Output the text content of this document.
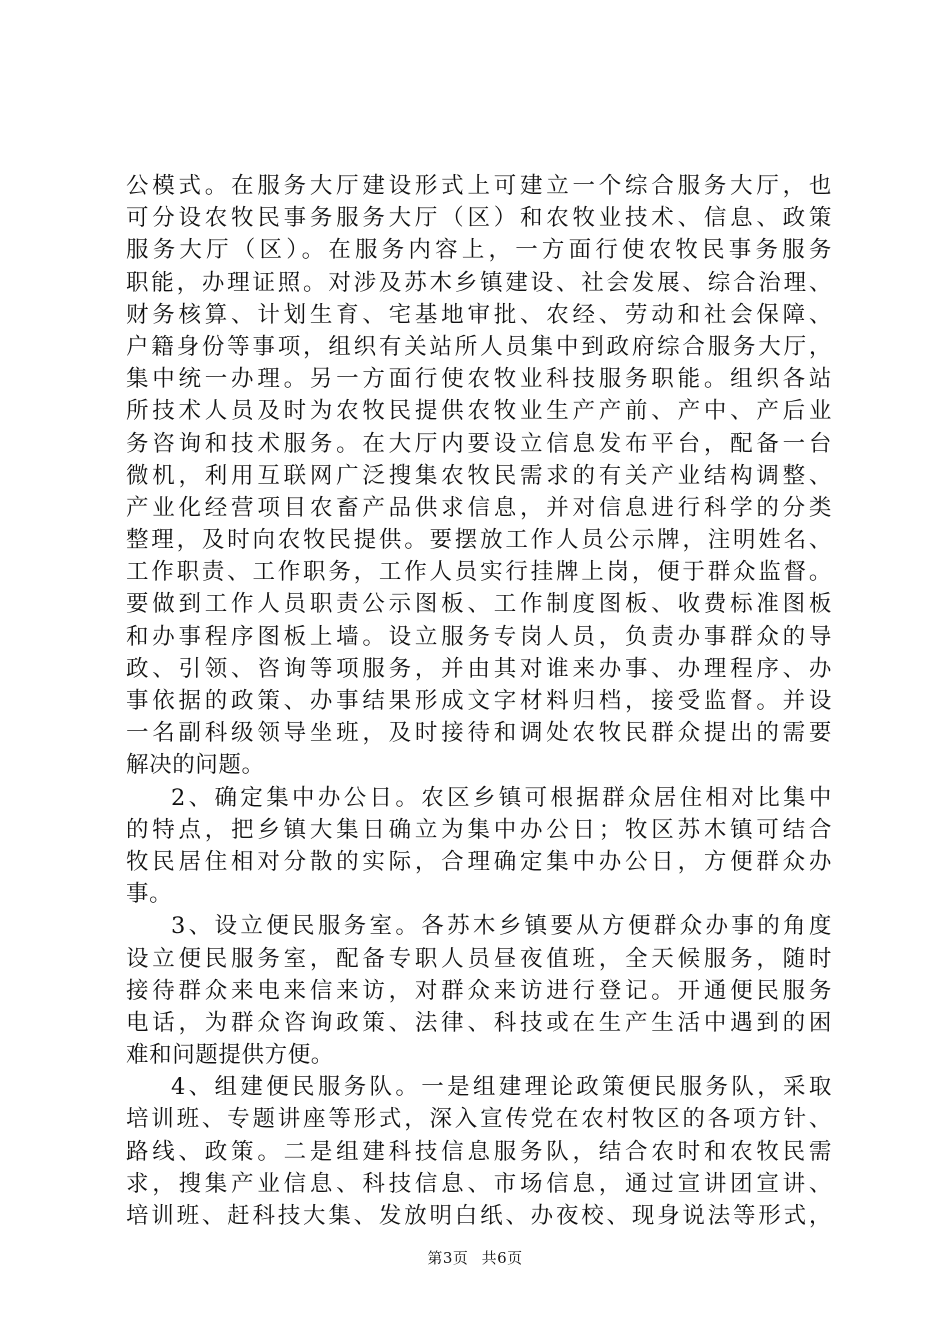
公模式。在服务大厅建设形式上可建立一个综合服务大厅，也
可分设农牧民事务服务大厅（区）和农牧业技术、信息、政策
服务大厅（区）。在服务内容上，一方面行使农牧民事务服务
职能，办理证照。对涉及苏木乡镇建设、社会发展、综合治理、
财务核算、计划生育、宅基地审批、农经、劳动和社会保障、
户籍身份等事项，组织有关站所人员集中到政府综合服务大厅，
集中统一办理。另一方面行使农牧业科技服务职能。组织各站
所技术人员及时为农牧民提供农牧业生产产前、产中、产后业
务咨询和技术服务。在大厅内要设立信息发布平台，配备一台
微机，利用互联网广泛搜集农牧民需求的有关产业结构调整、
产业化经营项目农畜产品供求信息，并对信息进行科学的分类
整理，及时向农牧民提供。要摆放工作人员公示牌，注明姓名、
工作职责、工作职务，工作人员实行挂牌上岗，便于群众监督。
要做到工作人员职责公示图板、工作制度图板、收费标准图板
和办事程序图板上墙。设立服务专岗人员，负责办事群众的导
政、引领、咨询等项服务，并由其对谁来办事、办理程序、办
事依据的政策、办事结果形成文字材料归档，接受监督。并设
一名副科级领导坐班，及时接待和调处农牧民群众提出的需要
解决的问题。
2、确定集中办公日。农区乡镇可根据群众居住相对比集中
的特点，把乡镇大集日确立为集中办公日；牧区苏木镇可结合
牧民居住相对分散的实际，合理确定集中办公日，方便群众办
事。
3、设立便民服务室。各苏木乡镇要从方便群众办事的角度
设立便民服务室，配备专职人员昼夜值班，全天候服务，随时
接待群众来电来信来访，对群众来访进行登记。开通便民服务
电话，为群众咨询政策、法律、科技或在生产生活中遇到的困
难和问题提供方便。
4、组建便民服务队。一是组建理论政策便民服务队，采取
培训班、专题讲座等形式，深入宣传党在农村牧区的各项方针、
路线、政策。二是组建科技信息服务队，结合农时和农牧民需
求，搜集产业信息、科技信息、市场信息，通过宣讲团宣讲、
培训班、赶科技大集、发放明白纸、办夜校、现身说法等形式，
第3页 共6页
